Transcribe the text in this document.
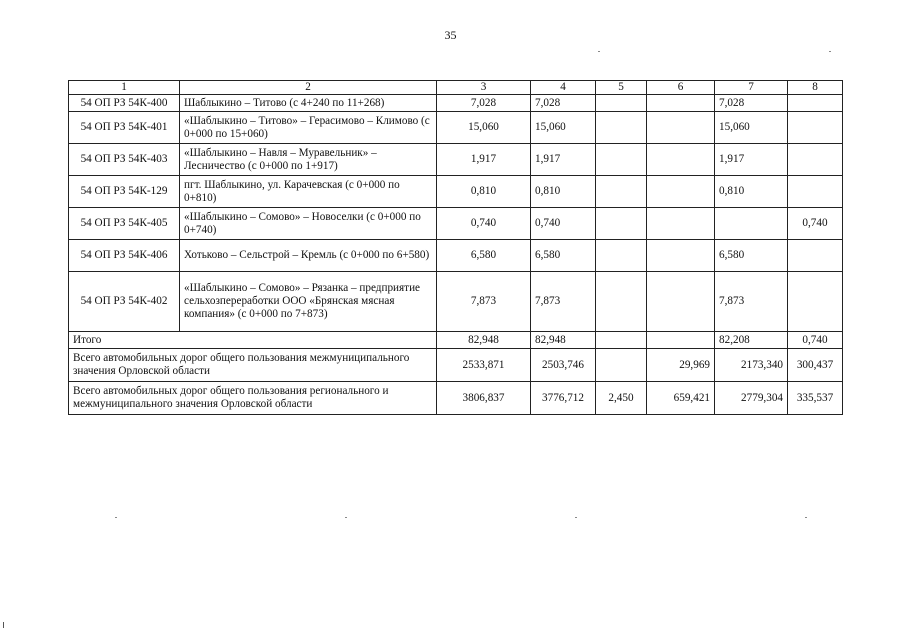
35
1	2	3	4	5	6	7	8
54 ОП РЗ 54К-400	Шаблыкино – Титово (с 4+240 по 11+268)	7,028	7,028			7,028	
54 ОП РЗ 54К-401	«Шаблыкино – Титово» – Герасимово – Климово (с 0+000 по 15+060)	15,060	15,060			15,060	
54 ОП РЗ 54К-403	«Шаблыкино – Навля – Муравельник» – Лесничество (с 0+000 по 1+917)	1,917	1,917			1,917	
54 ОП РЗ 54К-129	пгт. Шаблыкино, ул. Карачевская (с 0+000 по 0+810)	0,810	0,810			0,810	
54 ОП РЗ 54К-405	«Шаблыкино – Сомово» – Новоселки (с 0+000 по 0+740)	0,740	0,740				0,740
54 ОП РЗ 54К-406	Хотьково – Сельстрой – Кремль (с 0+000 по 6+580)	6,580	6,580			6,580	
54 ОП РЗ 54К-402	«Шаблыкино – Сомово» – Рязанка – предприятие сельхозпереработки ООО «Брянская мясная компания» (с 0+000 по 7+873)	7,873	7,873			7,873	
Итого		82,948	82,948			82,208	0,740
Всего автомобильных дорог общего пользования межмуниципального значения Орловской области		2533,871	2503,746		29,969	2173,340	300,437
Всего автомобильных дорог общего пользования регионального и межмуниципального значения Орловской области		3806,837	3776,712	2,450	659,421	2779,304	335,537
